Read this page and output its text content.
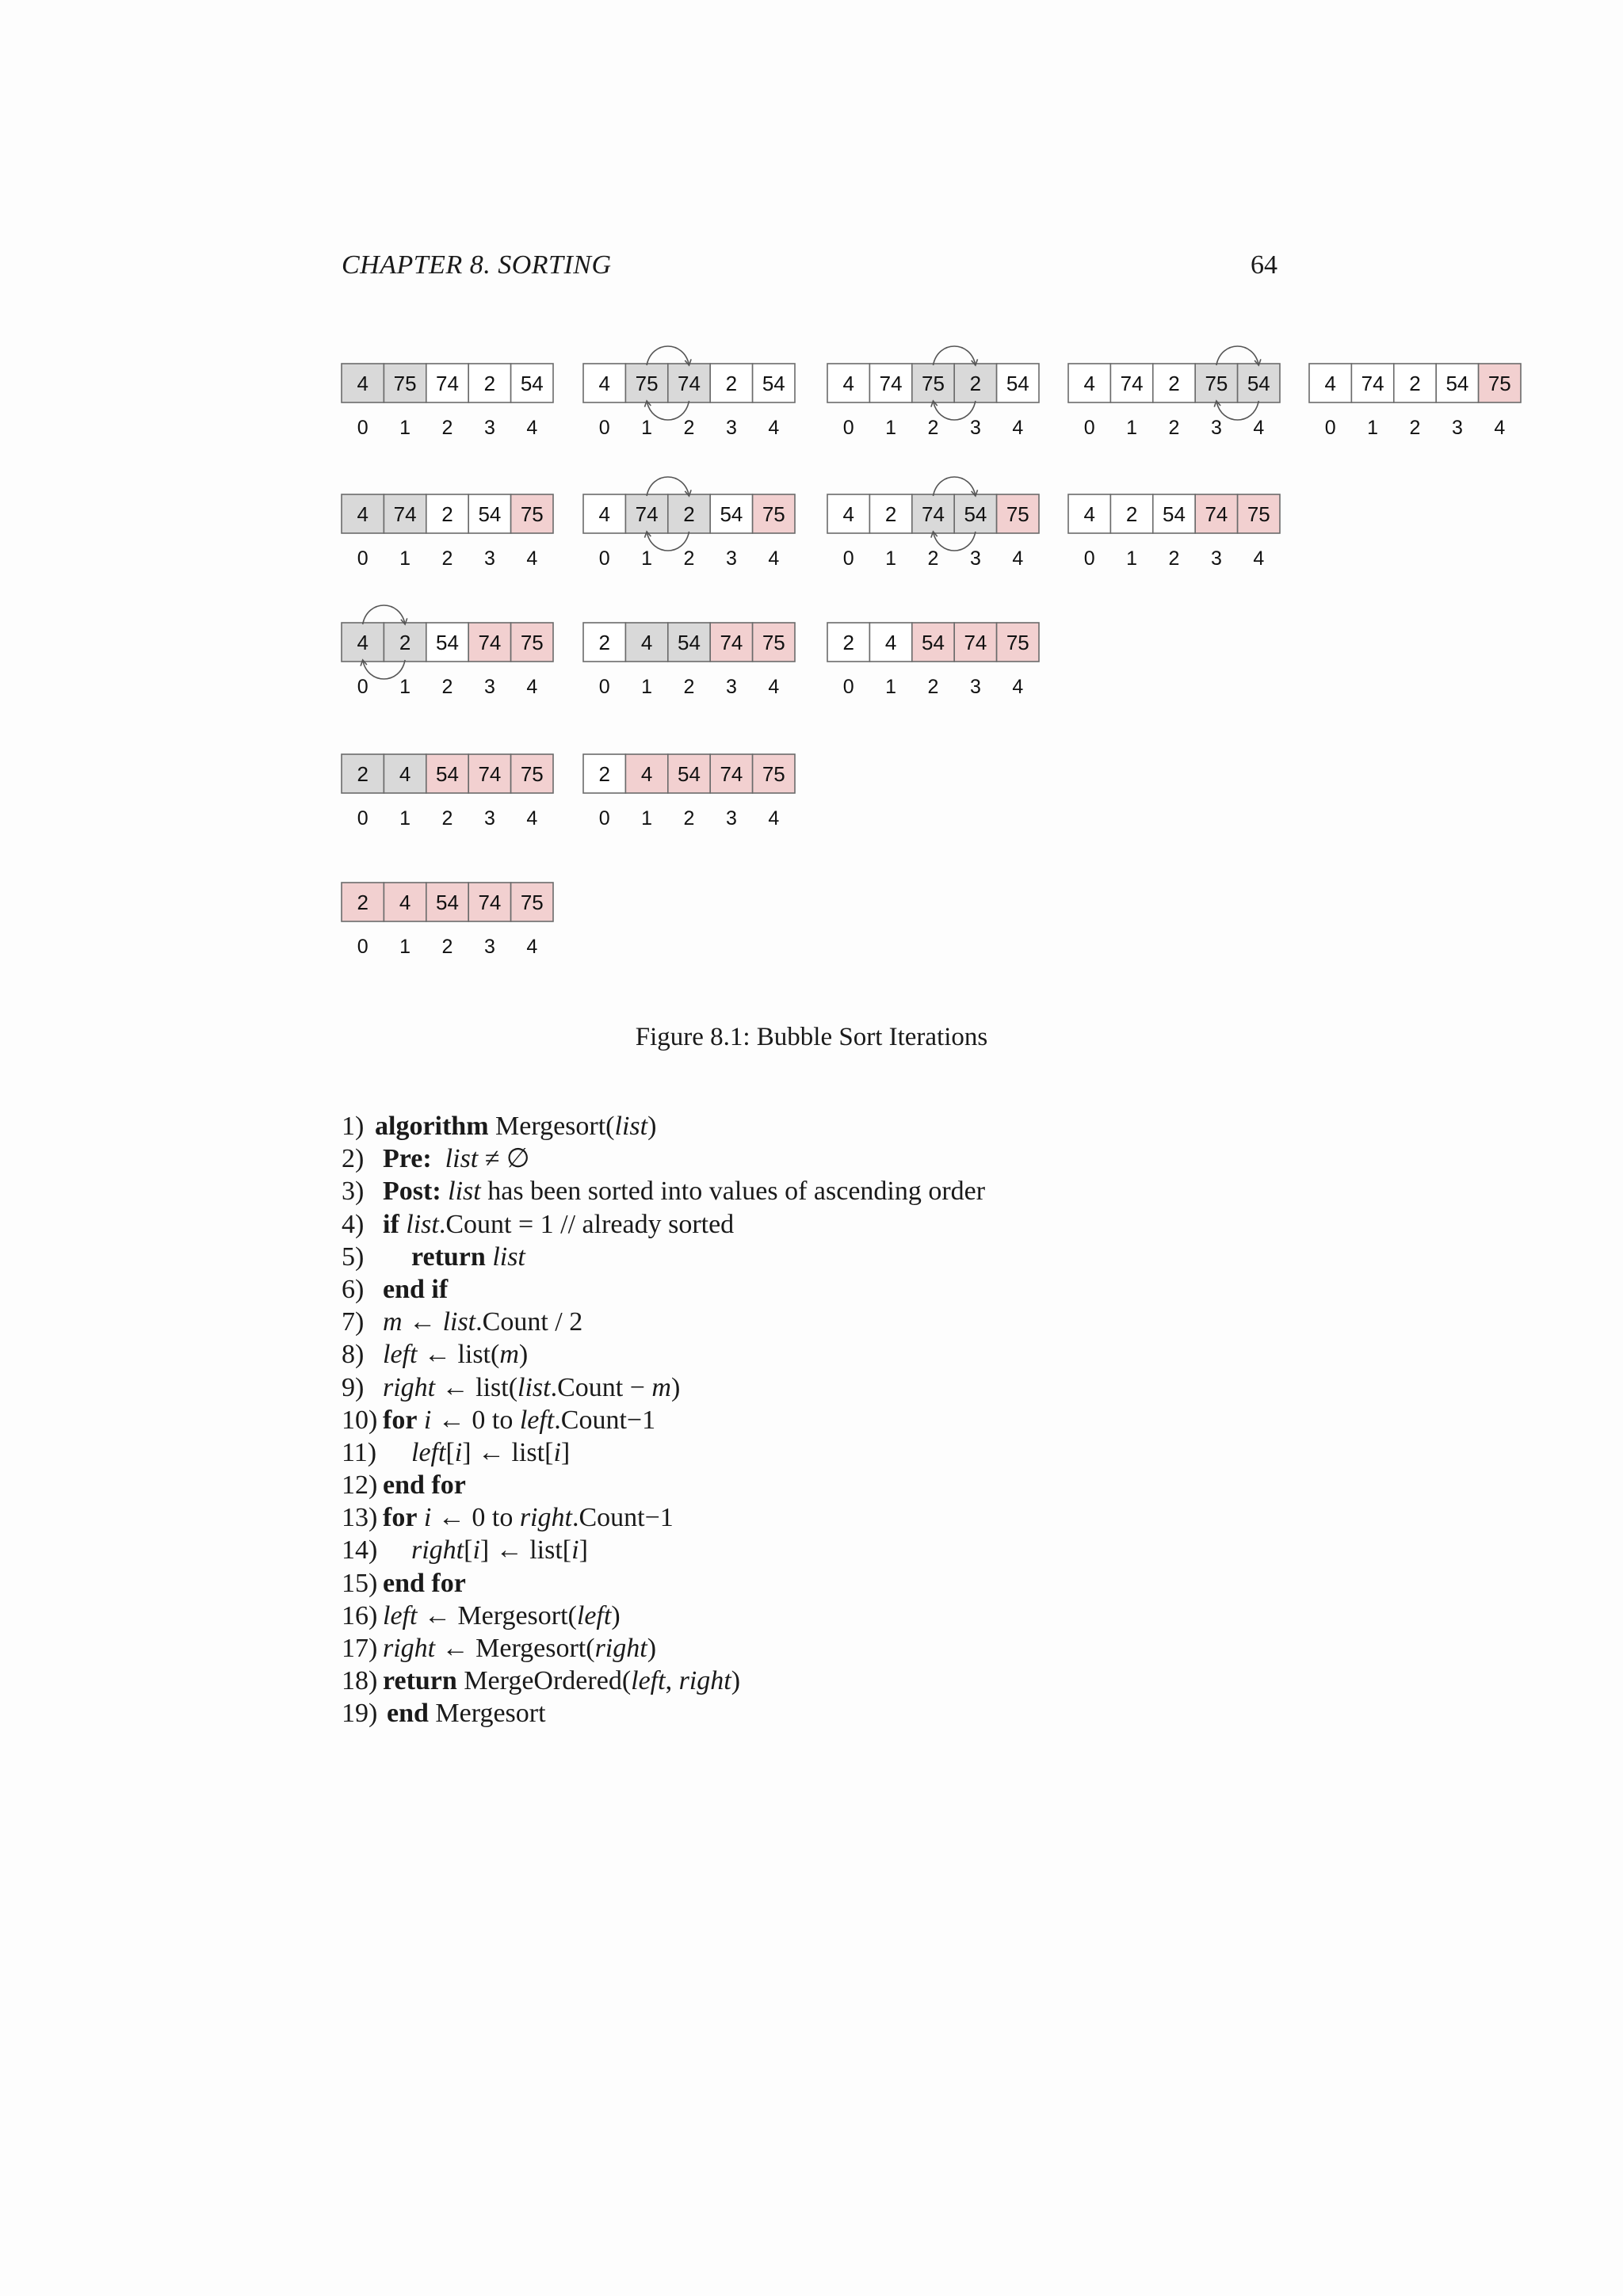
CHAPTER 8. SORTING	64
4
0
75
1
74
2
2
3
54
4
4
0
75
1
74
2
2
3
54
4
4
0
74
1
75
2
2
3
54
4
4
0
74
1
2
2
75
3
54
4
4
0
74
1
2
2
54
3
75
4
4
0
74
1
2
2
54
3
75
4
4
0
74
1
2
2
54
3
75
4
4
0
2
1
74
2
54
3
75
4
4
0
2
1
54
2
74
3
75
4
4
0
2
1
54
2
74
3
75
4
2
0
4
1
54
2
74
3
75
4
2
0
4
1
54
2
74
3
75
4
2
0
4
1
54
2
74
3
75
4
2
0
4
1
54
2
74
3
75
4
2
0
4
1
54
2
74
3
75
4
Figure 8.1: Bubble Sort Iterations
1) algorithm Mergesort(list)
2) Pre: list ≠ ∅
3) Post: list has been sorted into values of ascending order
4) if list.Count = 1 // already sorted
5) return list
6) end if
7) m ← list.Count / 2
8) left ← list(m)
9) right ← list(list.Count − m)
10) for i ← 0 to left.Count−1
11) left[i] ← list[i]
12) end for
13) for i ← 0 to right.Count−1
14) right[i] ← list[i]
15) end for
16) left ← Mergesort(left)
17) right ← Mergesort(right)
18) return MergeOrdered(left, right)
19) end Mergesort
